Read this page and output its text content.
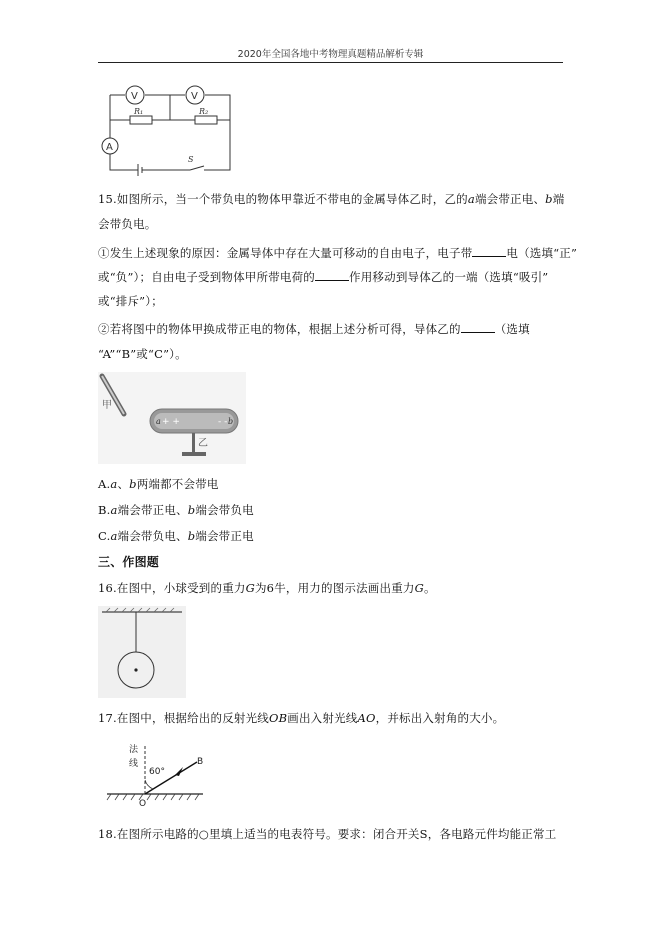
2020年全国各地中考物理真题精品解析专辑
V	V
A
R₁	R₂
S
15.如图所示，当一个带负电的物体甲靠近不带电的金属导体乙时，乙的a端会带正电、b端
会带负电。
①发生上述现象的原因：金属导体中存在大量可移动的自由电子，电子带	电（选填“正”
或“负”）；自由电子受到物体甲所带电荷的	作用移动到导体乙的一端（选填“吸引”
或“排斥”）；
②若将图中的物体甲换成带正电的物体，根据上述分析可得，导体乙的	（选填
“A”“B”或“C”）。
+ +	- -
甲
乙
a	b
A.a、b两端都不会带电
B.a端会带正电、b端会带负电
C.a端会带负电、b端会带正电
三、作图题
16.在图中，小球受到的重力G为6牛，用力的图示法画出重力G。
17.在图中，根据给出的反射光线OB画出入射光线AO，并标出入射角的大小。
法
线
60°
B
O
18.在图所示电路的○里填上适当的电表符号。要求：闭合开关S，各电路元件均能正常工
